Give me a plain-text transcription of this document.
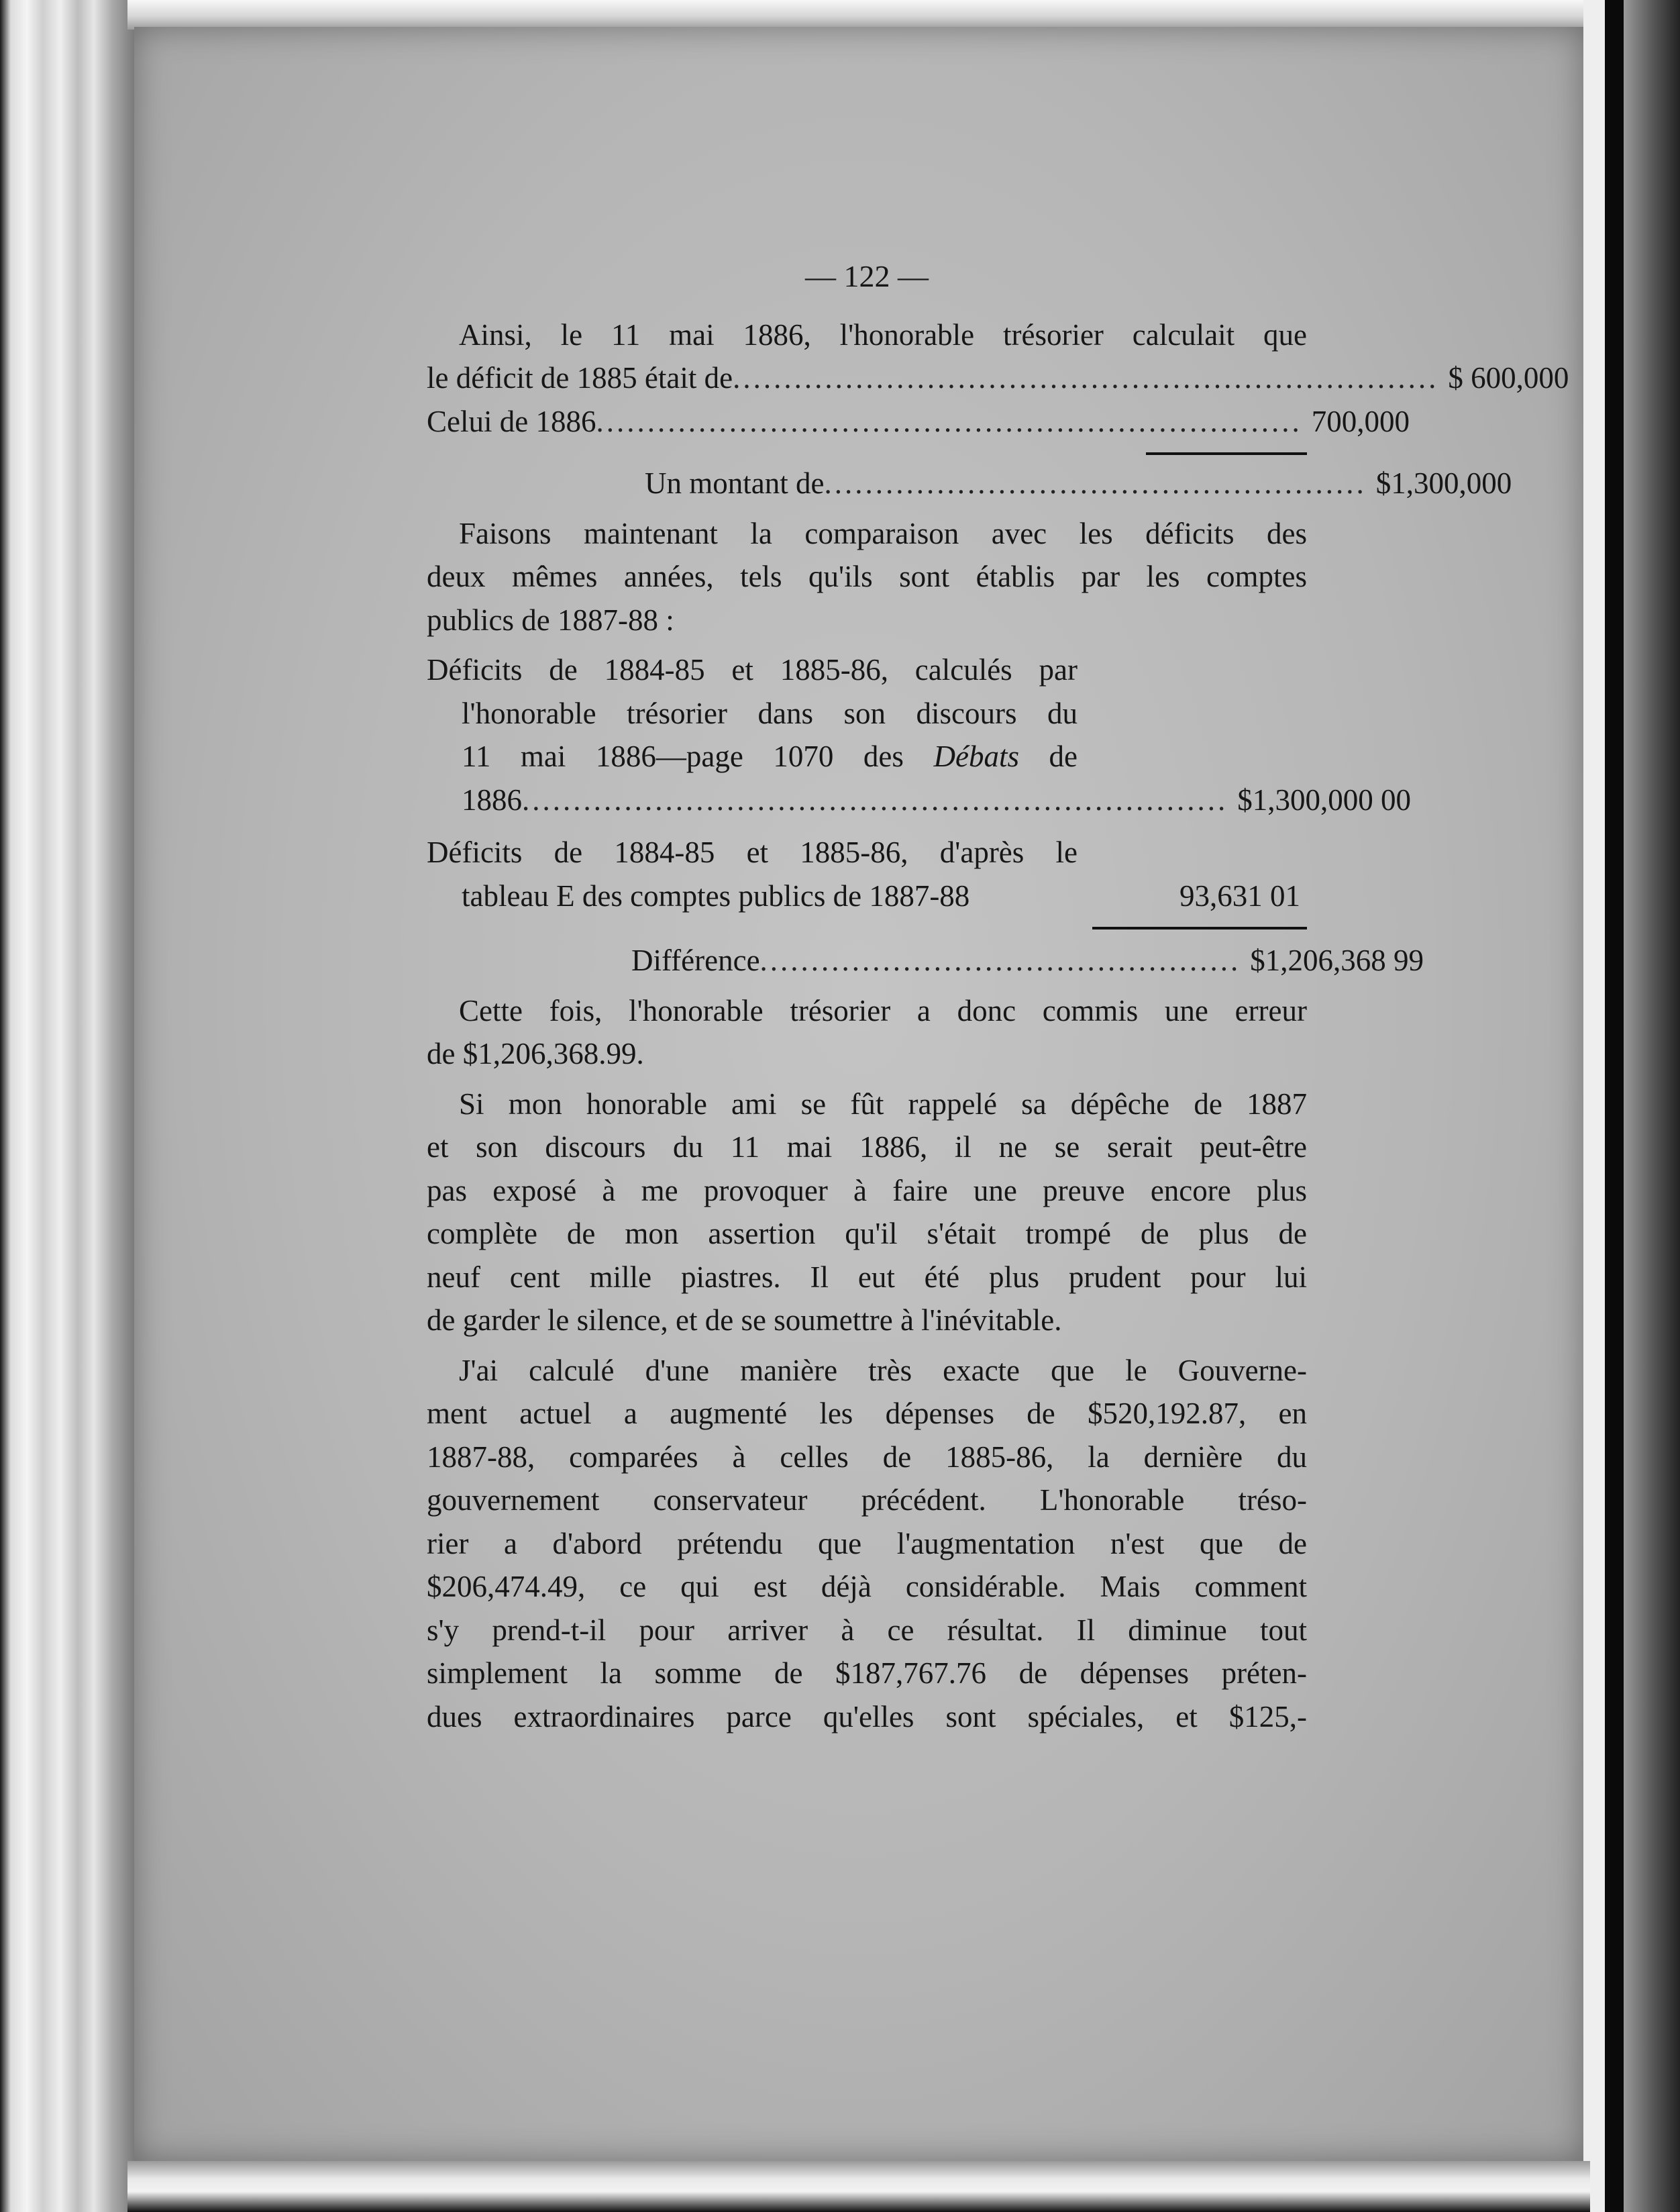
— 122 —
Ainsi, le 11 mai 1886, l'honorable trésorier calculait que
le déficit de 1885 était de ..................................................................... $ 600,000
Celui de 1886 ..................................................................... 700,000
Un montant de ..................................................... $1,300,000
Faisons maintenant la comparaison avec les déficits des
deux mêmes années, tels qu'ils sont établis par les comptes
publics de 1887-88 :
Déficits de 1884-85 et 1885-86, calculés par
l'honorable trésorier dans son discours du
11 mai 1886—page 1070 des Débats de
1886 ..................................................................... $1,300,000 00
Déficits de 1884-85 et 1885-86, d'après le
tableau E des comptes publics de 1887-88	93,631 01
Différence ............................................... $1,206,368 99
Cette fois, l'honorable trésorier a donc commis une erreur
de $1,206,368.99.
Si mon honorable ami se fût rappelé sa dépêche de 1887
et son discours du 11 mai 1886, il ne se serait peut-être
pas exposé à me provoquer à faire une preuve encore plus
complète de mon assertion qu'il s'était trompé de plus de
neuf cent mille piastres. Il eut été plus prudent pour lui
de garder le silence, et de se soumettre à l'inévitable.
J'ai calculé d'une manière très exacte que le Gouverne-
ment actuel a augmenté les dépenses de $520,192.87, en
1887-88, comparées à celles de 1885-86, la dernière du
gouvernement conservateur précédent. L'honorable tréso-
rier a d'abord prétendu que l'augmentation n'est que de
$206,474.49, ce qui est déjà considérable. Mais comment
s'y prend-t-il pour arriver à ce résultat. Il diminue tout
simplement la somme de $187,767.76 de dépenses préten-
dues extraordinaires parce qu'elles sont spéciales, et $125,-
